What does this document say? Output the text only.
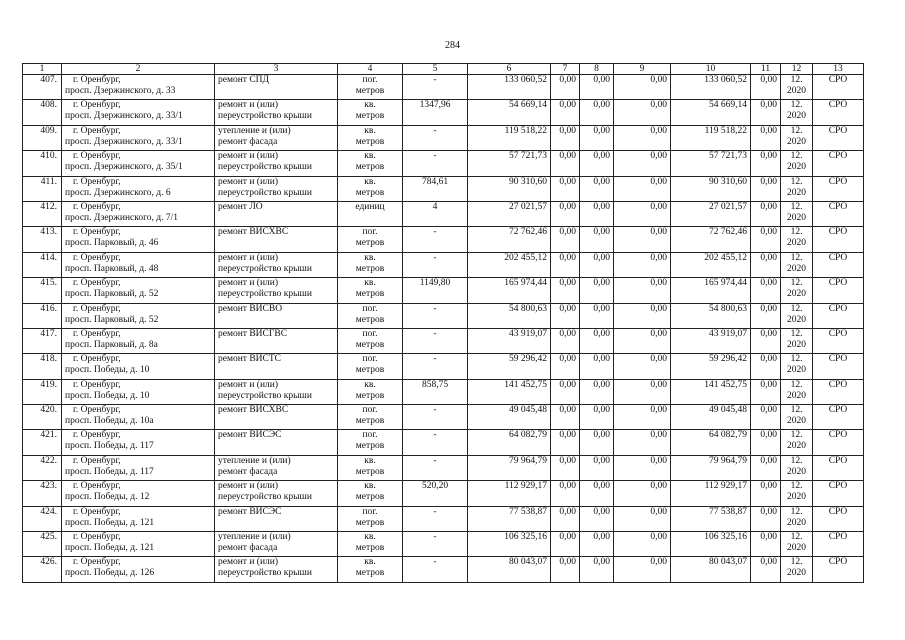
284
1	2	3	4	5	6	7	8	9	10	11	12	13
407.	г. Оренбург,
просп. Дзержинского, д. 33	ремонт СПД	пог.
метров	-	133 060,52	0,00	0,00	0,00	133 060,52	0,00	12.
2020	СРО
408.	г. Оренбург,
просп. Дзержинского, д. 33/1	ремонт и (или)
переустройство крыши	кв.
метров	1347,96	54 669,14	0,00	0,00	0,00	54 669,14	0,00	12.
2020	СРО
409.	г. Оренбург,
просп. Дзержинского, д. 33/1	утепление и (или)
ремонт фасада	кв.
метров	-	119 518,22	0,00	0,00	0,00	119 518,22	0,00	12.
2020	СРО
410.	г. Оренбург,
просп. Дзержинского, д. 35/1	ремонт и (или)
переустройство крыши	кв.
метров	-	57 721,73	0,00	0,00	0,00	57 721,73	0,00	12.
2020	СРО
411.	г. Оренбург,
просп. Дзержинского, д. 6	ремонт и (или)
переустройство крыши	кв.
метров	784,61	90 310,60	0,00	0,00	0,00	90 310,60	0,00	12.
2020	СРО
412.	г. Оренбург,
просп. Дзержинского, д. 7/1	ремонт ЛО	единиц	4	27 021,57	0,00	0,00	0,00	27 021,57	0,00	12.
2020	СРО
413.	г. Оренбург,
просп. Парковый, д. 46	ремонт ВИСХВС	пог.
метров	-	72 762,46	0,00	0,00	0,00	72 762,46	0,00	12.
2020	СРО
414.	г. Оренбург,
просп. Парковый, д. 48	ремонт и (или)
переустройство крыши	кв.
метров	-	202 455,12	0,00	0,00	0,00	202 455,12	0,00	12.
2020	СРО
415.	г. Оренбург,
просп. Парковый, д. 52	ремонт и (или)
переустройство крыши	кв.
метров	1149,80	165 974,44	0,00	0,00	0,00	165 974,44	0,00	12.
2020	СРО
416.	г. Оренбург,
просп. Парковый, д. 52	ремонт ВИСВО	пог.
метров	-	54 800,63	0,00	0,00	0,00	54 800,63	0,00	12.
2020	СРО
417.	г. Оренбург,
просп. Парковый, д. 8а	ремонт ВИСГВС	пог.
метров	-	43 919,07	0,00	0,00	0,00	43 919,07	0,00	12.
2020	СРО
418.	г. Оренбург,
просп. Победы, д. 10	ремонт ВИСТС	пог.
метров	-	59 296,42	0,00	0,00	0,00	59 296,42	0,00	12.
2020	СРО
419.	г. Оренбург,
просп. Победы, д. 10	ремонт и (или)
переустройство крыши	кв.
метров	858,75	141 452,75	0,00	0,00	0,00	141 452,75	0,00	12.
2020	СРО
420.	г. Оренбург,
просп. Победы, д. 10а	ремонт ВИСХВС	пог.
метров	-	49 045,48	0,00	0,00	0,00	49 045,48	0,00	12.
2020	СРО
421.	г. Оренбург,
просп. Победы, д. 117	ремонт ВИСЭС	пог.
метров	-	64 082,79	0,00	0,00	0,00	64 082,79	0,00	12.
2020	СРО
422.	г. Оренбург,
просп. Победы, д. 117	утепление и (или)
ремонт фасада	кв.
метров	-	79 964,79	0,00	0,00	0,00	79 964,79	0,00	12.
2020	СРО
423.	г. Оренбург,
просп. Победы, д. 12	ремонт и (или)
переустройство крыши	кв.
метров	520,20	112 929,17	0,00	0,00	0,00	112 929,17	0,00	12.
2020	СРО
424.	г. Оренбург,
просп. Победы, д. 121	ремонт ВИСЭС	пог.
метров	-	77 538,87	0,00	0,00	0,00	77 538,87	0,00	12.
2020	СРО
425.	г. Оренбург,
просп. Победы, д. 121	утепление и (или)
ремонт фасада	кв.
метров	-	106 325,16	0,00	0,00	0,00	106 325,16	0,00	12.
2020	СРО
426.	г. Оренбург,
просп. Победы, д. 126	ремонт и (или)
переустройство крыши	кв.
метров	-	80 043,07	0,00	0,00	0,00	80 043,07	0,00	12.
2020	СРО
